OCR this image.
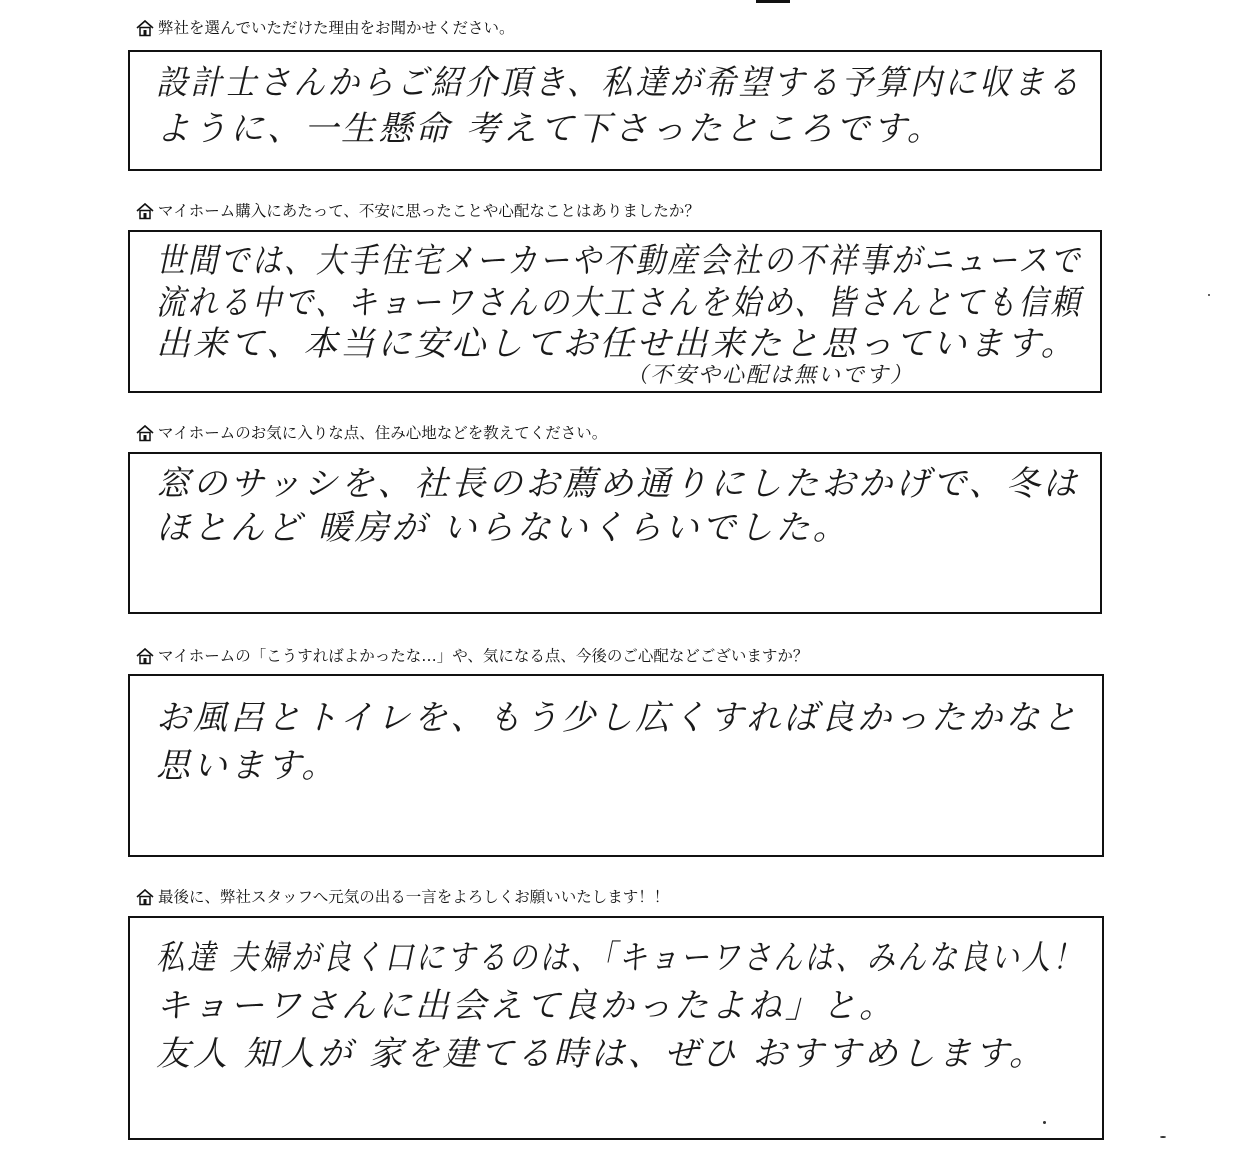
弊社を選んでいただけた理由をお聞かせください。
設計士さんからご紹介頂き、私達が希望する予算内に収まる
ように、一生懸命 考えて下さったところです。
マイホーム購入にあたって、不安に思ったことや心配なことはありましたか？
世間では、大手住宅メーカーや不動産会社の不祥事がニュースで
流れる中で、キョーワさんの大工さんを始め、皆さんとても信頼
出来て、本当に安心してお任せ出来たと思っています。
（不安や心配は無いです）
マイホームのお気に入りな点、住み心地などを教えてください。
窓のサッシを、社長のお薦め通りにしたおかげで、冬は
ほとんど 暖房が いらないくらいでした。
マイホームの「こうすればよかったな…」や、気になる点、今後のご心配などございますか？
お風呂とトイレを、もう少し広くすれば良かったかなと
思います。
最後に、弊社スタッフへ元気の出る一言をよろしくお願いいたします！！
私達 夫婦が良く口にするのは、「キョーワさんは、みんな良い人！
キョーワさんに出会えて良かったよね」と。
友人 知人が 家を建てる時は、ぜひ おすすめします。
